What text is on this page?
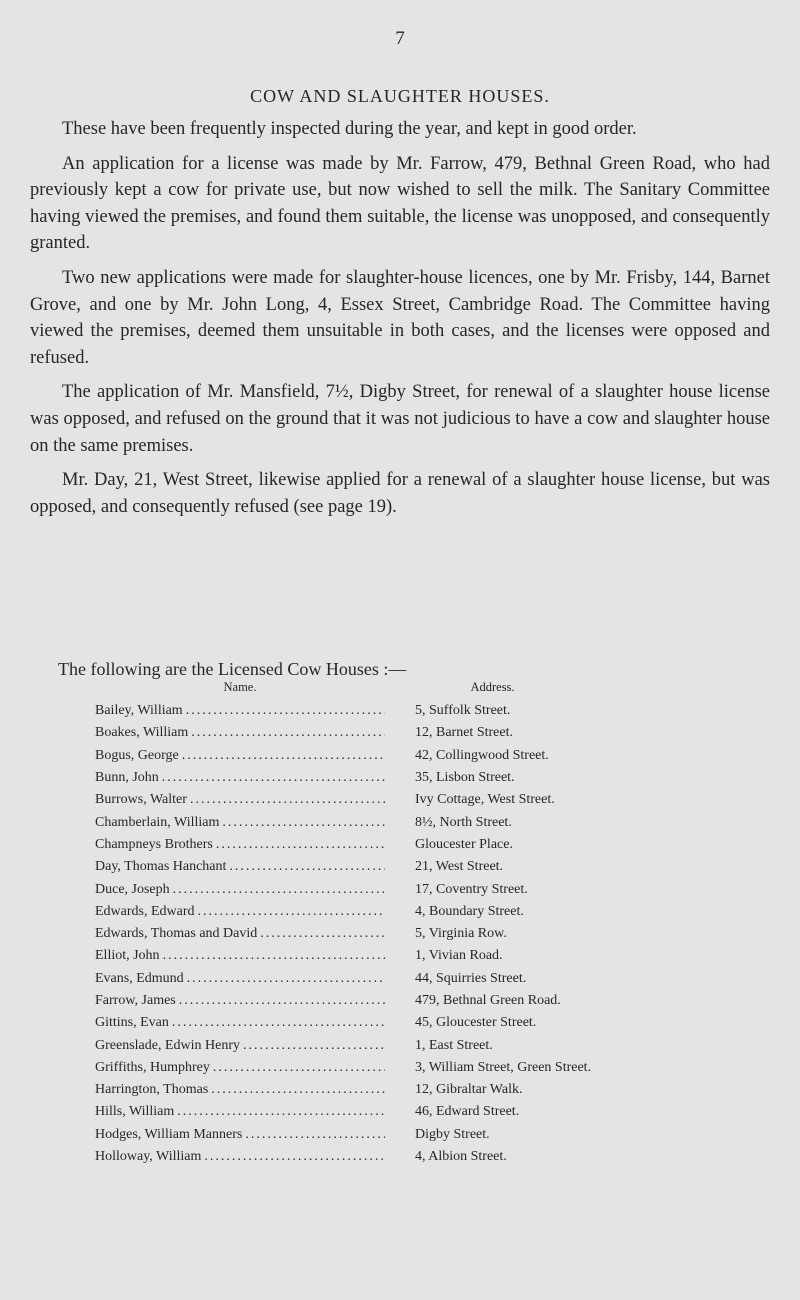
7
COW AND SLAUGHTER HOUSES.

These have been frequently inspected during the year, and kept in good order.

An application for a license was made by Mr. Farrow, 479, Bethnal Green Road, who had previously kept a cow for private use, but now wished to sell the milk. The Sanitary Committee having viewed the premises, and found them suitable, the license was unopposed, and consequently granted.

Two new applications were made for slaughter-house licences, one by Mr. Frisby, 144, Barnet Grove, and one by Mr. John Long, 4, Essex Street, Cambridge Road. The Committee having viewed the premises, deemed them unsuitable in both cases, and the licenses were opposed and refused.

The application of Mr. Mansfield, 7½, Digby Street, for renewal of a slaughter house license was opposed, and refused on the ground that it was not judicious to have a cow and slaughter house on the same premises.

Mr. Day, 21, West Street, likewise applied for a renewal of a slaughter house license, but was opposed, and consequently refused (see page 19).

The following are the Licensed Cow Houses :—
Name.	Address.
Bailey, William .....	5, Suffolk Street.
Boakes, William .....	12, Barnet Street.
Bogus, George .....	42, Collingwood Street.
Bunn, John .....	35, Lisbon Street.
Burrows, Walter .....	Ivy Cottage, West Street.
Chamberlain, William .....	8½, North Street.
Champneys Brothers .....	Gloucester Place.
Day, Thomas Hanchant .....	21, West Street.
Duce, Joseph .....	17, Coventry Street.
Edwards, Edward .....	4, Boundary Street.
Edwards, Thomas and David .....	5, Virginia Row.
Elliot, John .....	1, Vivian Road.
Evans, Edmund .....	44, Squirries Street.
Farrow, James .....	479, Bethnal Green Road.
Gittins, Evan .....	45, Gloucester Street.
Greenslade, Edwin Henry .....	1, East Street.
Griffiths, Humphrey .....	3, William Street, Green Street.
Harrington, Thomas .....	12, Gibraltar Walk.
Hills, William .....	46, Edward Street.
Hodges, William Manners .....	Digby Street.
Holloway, William .....	4, Albion Street.
